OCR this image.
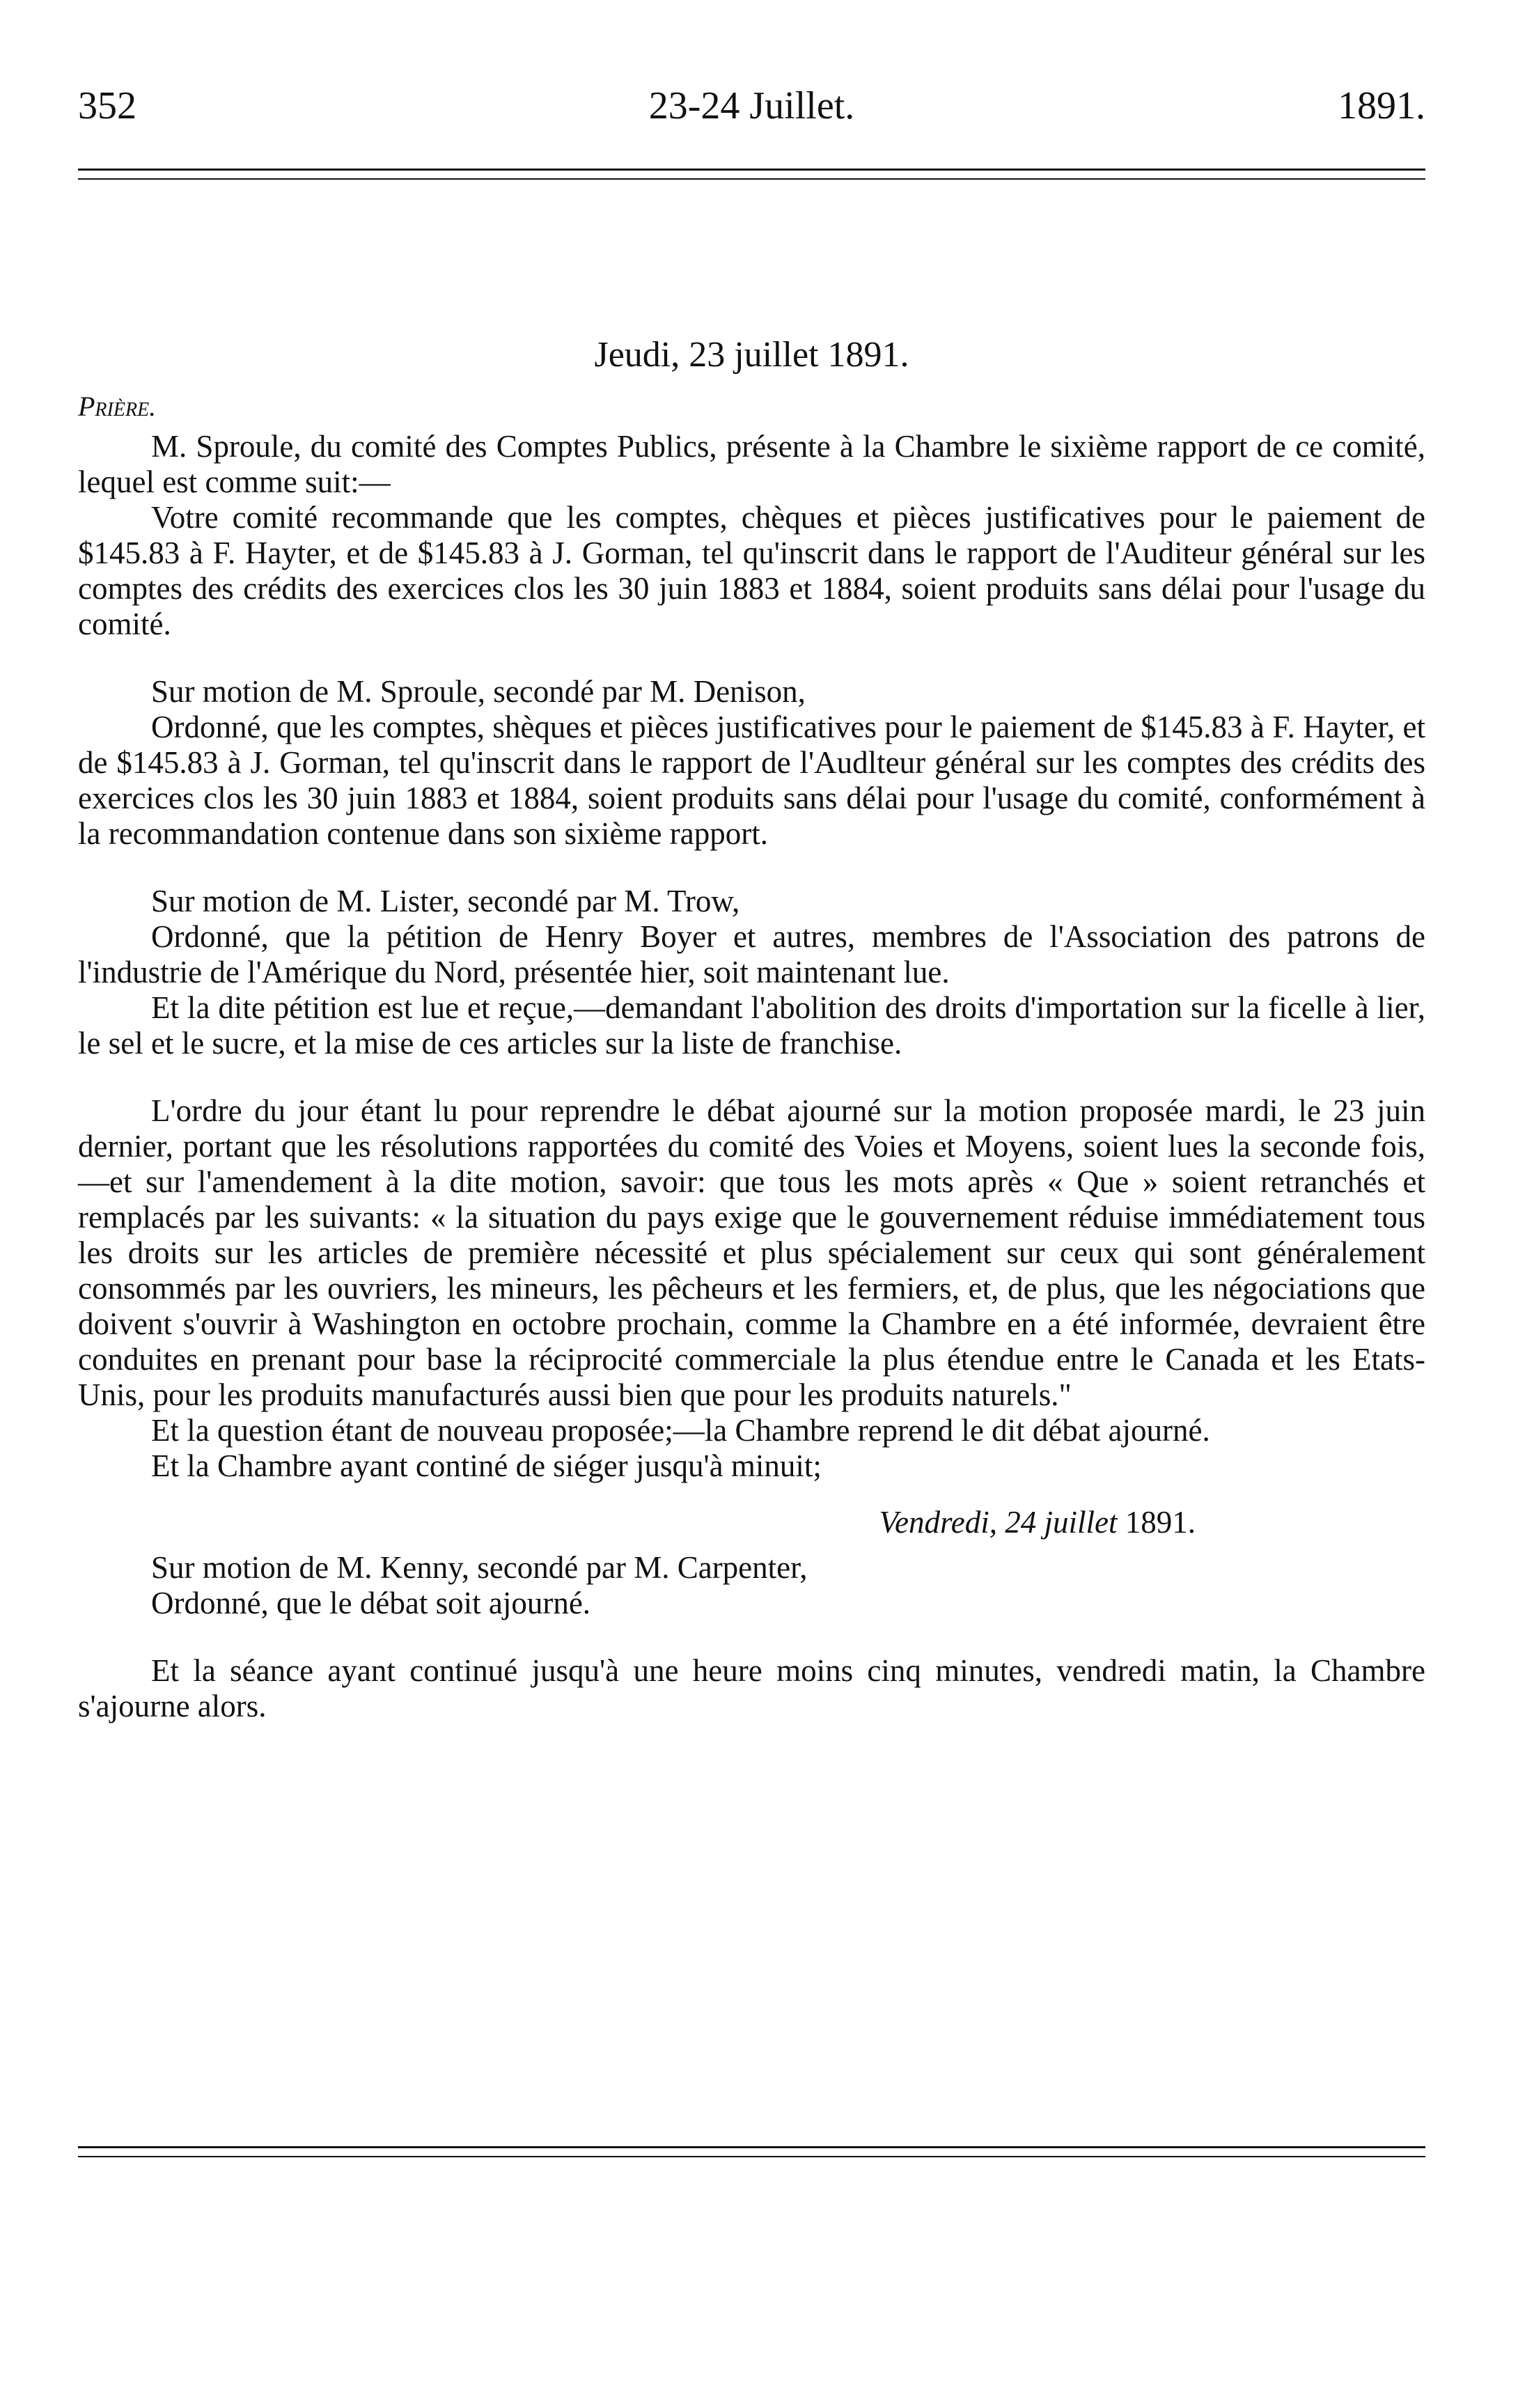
352	23-24 Juillet.	1891.

Jeudi, 23 juillet 1891.

Prière.

M. Sproule, du comité des Comptes Publics, présente à la Chambre le sixième rapport de ce comité, lequel est comme suit:—

Votre comité recommande que les comptes, chèques et pièces justificatives pour le paiement de $145.83 à F. Hayter, et de $145.83 à J. Gorman, tel qu'inscrit dans le rapport de l'Auditeur général sur les comptes des crédits des exercices clos les 30 juin 1883 et 1884, soient produits sans délai pour l'usage du comité.

Sur motion de M. Sproule, secondé par M. Denison,

Ordonné, que les comptes, shèques et pièces justificatives pour le paiement de $145.83 à F. Hayter, et de $145.83 à J. Gorman, tel qu'inscrit dans le rapport de l'Audlteur général sur les comptes des crédits des exercices clos les 30 juin 1883 et 1884, soient produits sans délai pour l'usage du comité, conformément à la recommandation contenue dans son sixième rapport.

Sur motion de M. Lister, secondé par M. Trow,

Ordonné, que la pétition de Henry Boyer et autres, membres de l'Association des patrons de l'industrie de l'Amérique du Nord, présentée hier, soit maintenant lue.

Et la dite pétition est lue et reçue,—demandant l'abolition des droits d'importation sur la ficelle à lier, le sel et le sucre, et la mise de ces articles sur la liste de franchise.

L'ordre du jour étant lu pour reprendre le débat ajourné sur la motion proposée mardi, le 23 juin dernier, portant que les résolutions rapportées du comité des Voies et Moyens, soient lues la seconde fois,—et sur l'amendement à la dite motion, savoir: que tous les mots après « Que » soient retranchés et remplacés par les suivants: « la situation du pays exige que le gouvernement réduise immédiatement tous les droits sur les articles de première nécessité et plus spécialement sur ceux qui sont généralement consommés par les ouvriers, les mineurs, les pêcheurs et les fermiers, et, de plus, que les négociations que doivent s'ouvrir à Washington en octobre prochain, comme la Chambre en a été informée, devraient être conduites en prenant pour base la réciprocité commerciale la plus étendue entre le Canada et les Etats-Unis, pour les produits manufacturés aussi bien que pour les produits naturels."

Et la question étant de nouveau proposée;—la Chambre reprend le dit débat ajourné.

Et la Chambre ayant continé de siéger jusqu'à minuit;

Vendredi, 24 juillet 1891.

Sur motion de M. Kenny, secondé par M. Carpenter,

Ordonné, que le débat soit ajourné.

Et la séance ayant continué jusqu'à une heure moins cinq minutes, vendredi matin, la Chambre s'ajourne alors.
